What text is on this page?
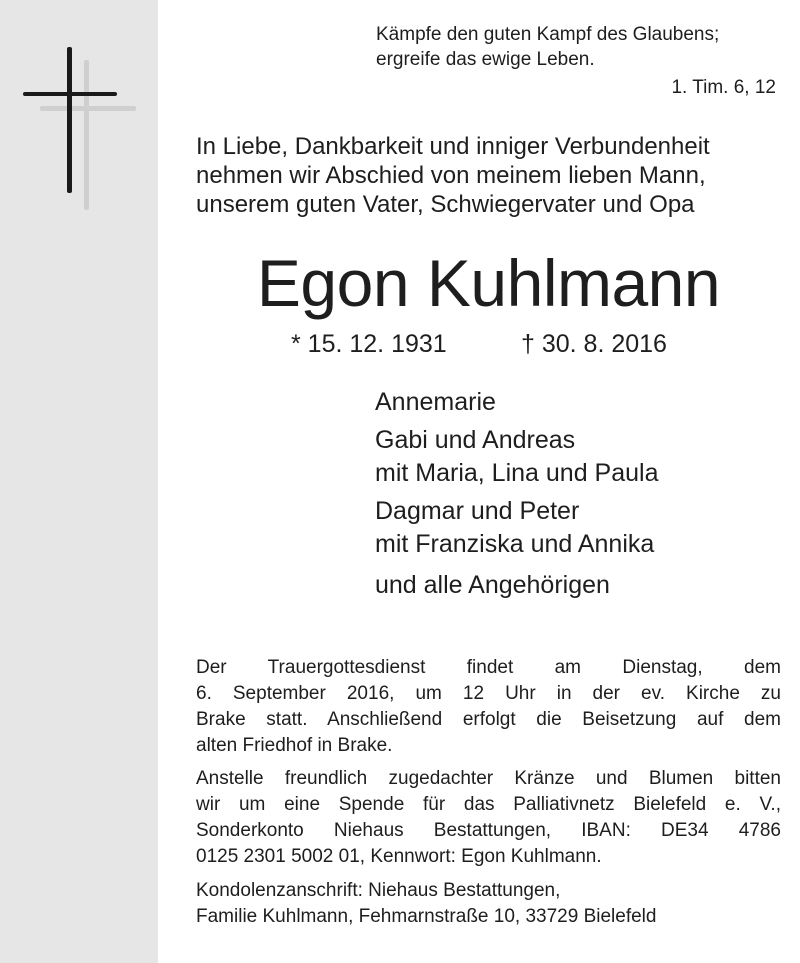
Kämpfe den guten Kampf des Glaubens;
ergreife das ewige Leben.
1. Tim. 6, 12
In Liebe, Dankbarkeit und inniger Verbundenheit
nehmen wir Abschied von meinem lieben Mann,
unserem guten Vater, Schwiegervater und Opa
Egon Kuhlmann
* 15. 12. 1931	† 30. 8. 2016
Annemarie
Gabi und Andreas
mit Maria, Lina und Paula
Dagmar und Peter
mit Franziska und Annika
und alle Angehörigen
Der Trauergottesdienst findet am Dienstag, dem
6. September 2016, um 12 Uhr in der ev. Kirche zu
Brake statt. Anschließend erfolgt die Beisetzung auf dem
alten Friedhof in Brake.
Anstelle freundlich zugedachter Kränze und Blumen bitten
wir um eine Spende für das Palliativnetz Bielefeld e. V.,
Sonderkonto Niehaus Bestattungen, IBAN: DE34 4786
0125 2301 5002 01, Kennwort: Egon Kuhlmann.
Kondolenzanschrift: Niehaus Bestattungen,
Familie Kuhlmann, Fehmarnstraße 10, 33729 Bielefeld
